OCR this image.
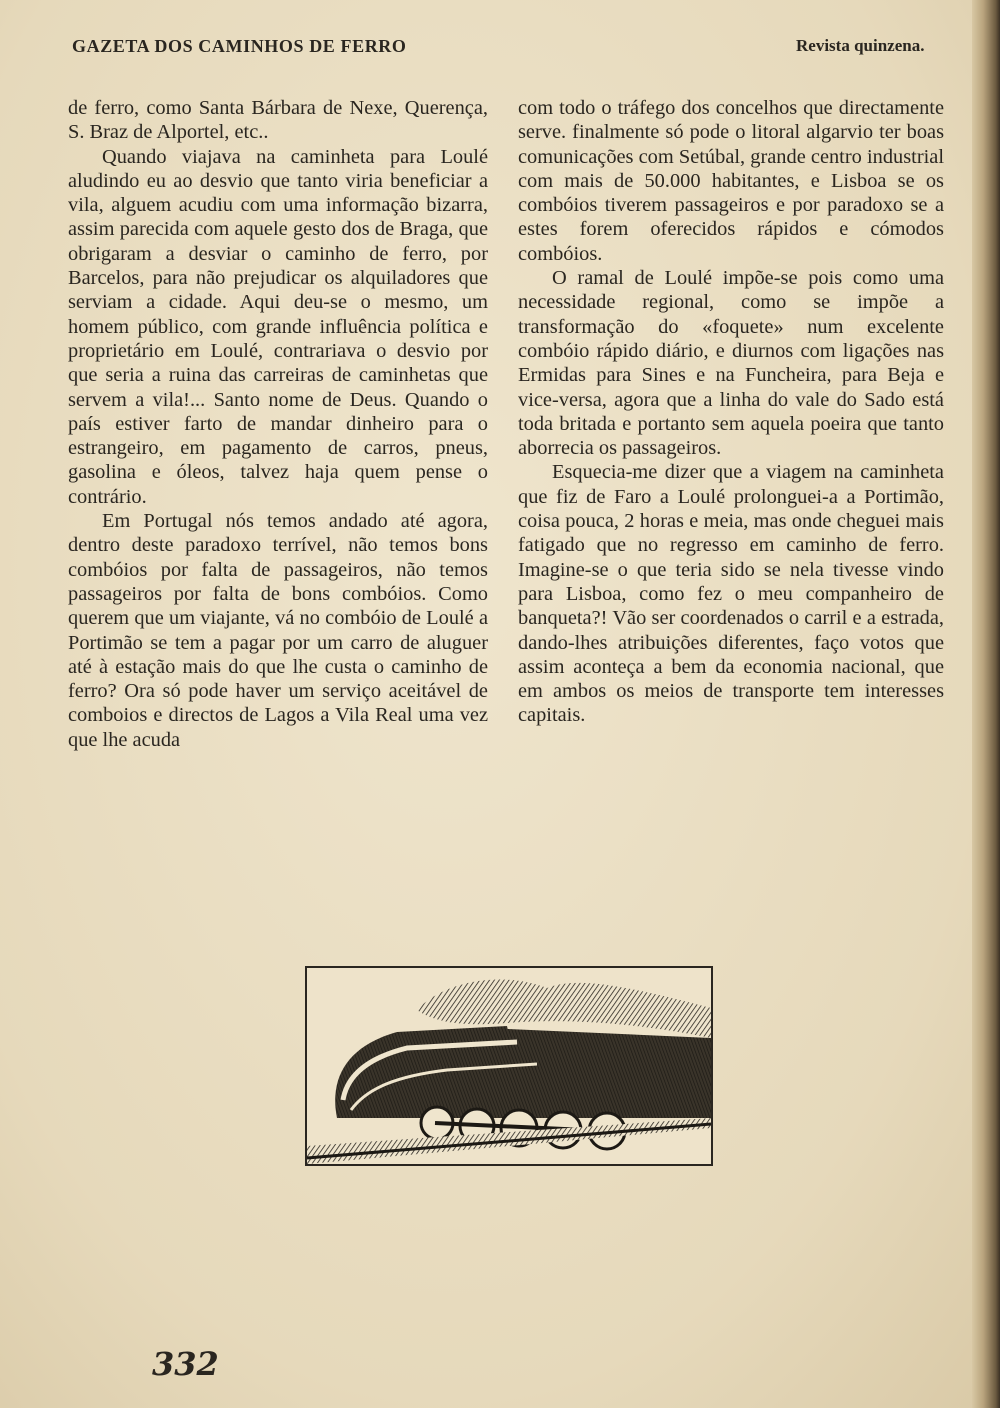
GAZETA DOS CAMINHOS DE FERRO	Revista quinzena.

de ferro, como Santa Bárbara de Nexe, Querença, S. Braz de Alportel, etc..

Quando viajava na caminheta para Loulé aludindo eu ao desvio que tanto viria beneficiar a vila, alguem acudiu com uma informação bizarra, assim parecida com aquele gesto dos de Braga, que obrigaram a desviar o caminho de ferro, por Barcelos, para não prejudicar os alquiladores que serviam a cidade. Aqui deu-se o mesmo, um homem público, com grande influência política e proprietário em Loulé, contrariava o desvio por que seria a ruina das carreiras de caminhetas que servem a vila!... Santo nome de Deus. Quando o país estiver farto de mandar dinheiro para o estrangeiro, em pagamento de carros, pneus, gasolina e óleos, talvez haja quem pense o contrário.

Em Portugal nós temos andado até agora, dentro deste paradoxo terrível, não temos bons combóios por falta de passageiros, não temos passageiros por falta de bons combóios. Como querem que um viajante, vá no combóio de Loulé a Portimão se tem a pagar por um carro de aluguer até à estação mais do que lhe custa o caminho de ferro? Ora só pode haver um serviço aceitável de comboios e directos de Lagos a Vila Real uma vez que lhe acuda

com todo o tráfego dos concelhos que directamente serve. finalmente só pode o litoral algarvio ter boas comunicações com Setúbal, grande centro industrial com mais de 50.000 habitantes, e Lisboa se os combóios tiverem passageiros e por paradoxo se a estes forem oferecidos rápidos e cómodos combóios.

O ramal de Loulé impõe-se pois como uma necessidade regional, como se impõe a transformação do «foquete» num excelente combóio rápido diário, e diurnos com ligações nas Ermidas para Sines e na Funcheira, para Beja e vice-versa, agora que a linha do vale do Sado está toda britada e portanto sem aquela poeira que tanto aborrecia os passageiros.

Esquecia-me dizer que a viagem na caminheta que fiz de Faro a Loulé prolonguei-a a Portimão, coisa pouca, 2 horas e meia, mas onde cheguei mais fatigado que no regresso em caminho de ferro. Imagine-se o que teria sido se nela tivesse vindo para Lisboa, como fez o meu companheiro de banqueta?! Vão ser coordenados o carril e a estrada, dando-lhes atribuições diferentes, faço votos que assim aconteça a bem da economia nacional, que em ambos os meios de transporte tem interesses capitais.

332
